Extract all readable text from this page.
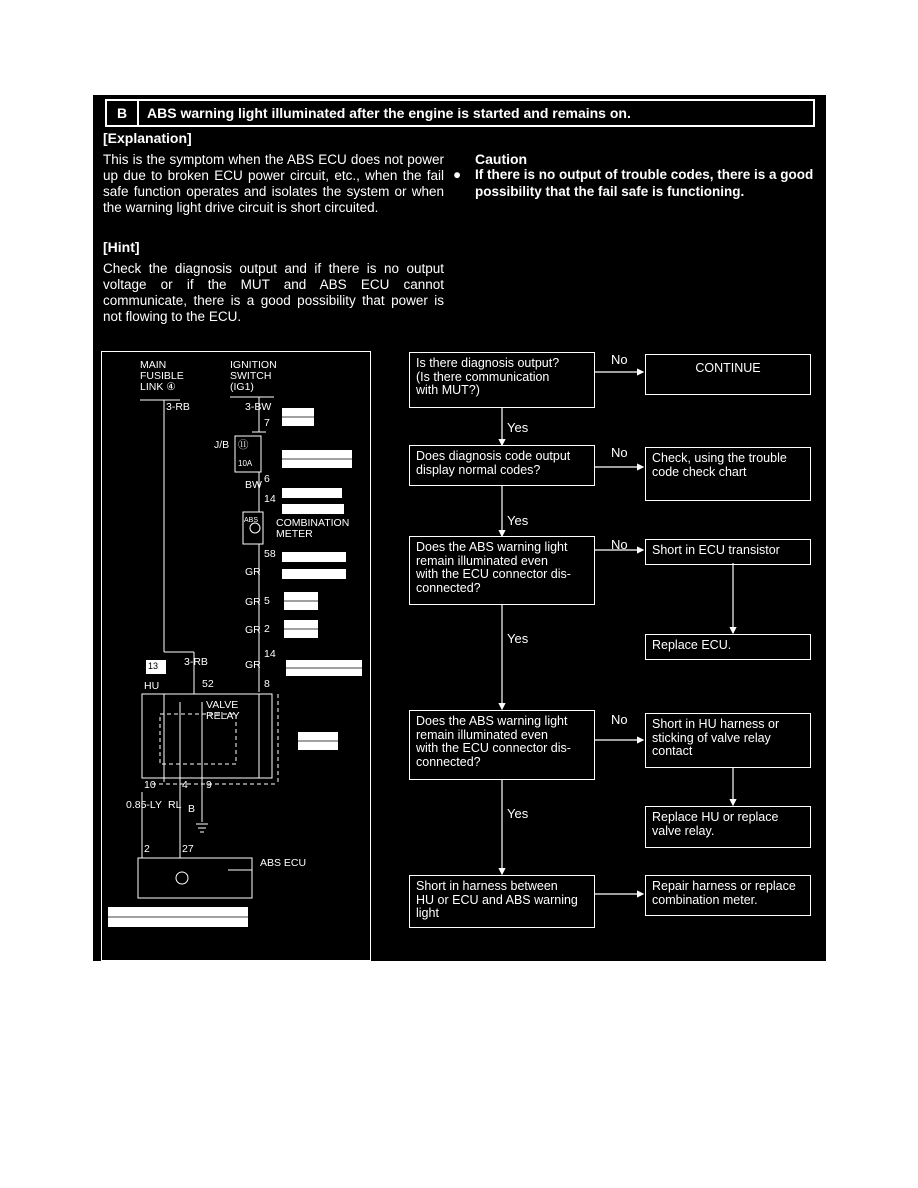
B	ABS warning light illuminated after the engine is started and remains on.
[Explanation]
This is the symptom when the ABS ECU does not power up due to broken ECU power circuit, etc., when the fail safe function operates and isolates the system or when the warning light drive circuit is short circuited.
[Hint]
Check the diagnosis output and if there is no output voltage or if the MUT and ABS ECU cannot communicate, there is a good possibility that power is not flowing to the ECU.
Caution
● If there is no output of trouble codes, there is a good possibility that the fail safe is functioning.
MAIN
FUSIBLE
LINK ④
IGNITION
SWITCH
(IG1)
J/B ⑪
10A
COMBINATION
METER
ABS
HU
VALVE
RELAY
ABS ECU
3-RB
3-RB
3-BW
BW
GR
GR
GR
GR
0.85-LY RL B
7
6
14
58
5
2
14
52	8
10	4 9
2	27
13
Is there diagnosis output?
(Is there communication
with MUT?)
CONTINUE
Does diagnosis code output
display normal codes?
Check, using the trouble
code check chart
Does the ABS warning light
remain illuminated even
with the ECU connector dis-
connected?
Short in ECU transistor
Replace ECU.
Does the ABS warning light
remain illuminated even
with the ECU connector dis-
connected?
Short in HU harness or
sticking of valve relay
contact
Replace HU or replace
valve relay.
Short in harness between
HU or ECU and ABS warning
light
Repair harness or replace
combination meter.
No
No
No
No
Yes
Yes
Yes
Yes
